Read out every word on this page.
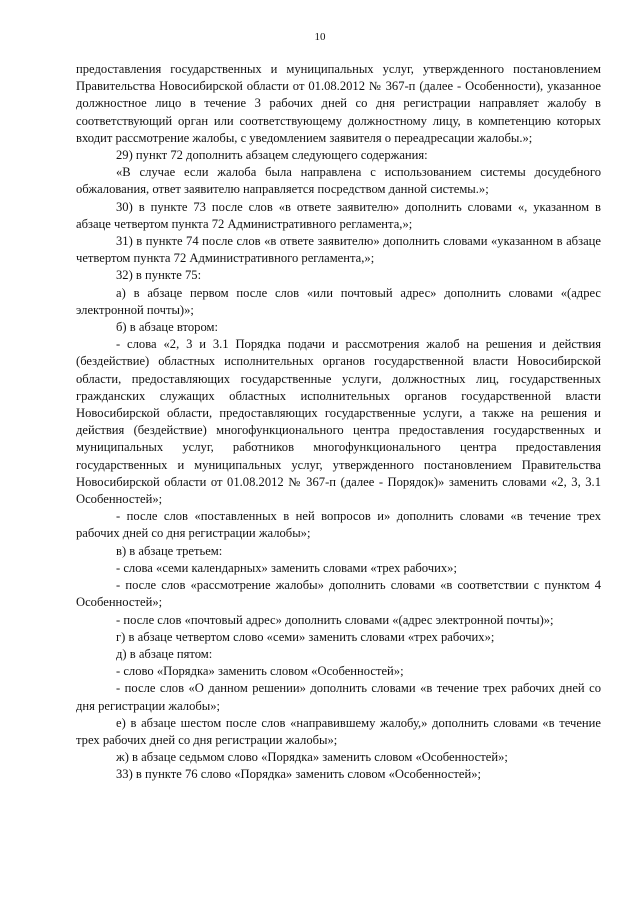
10

предоставления государственных и муниципальных услуг, утвержденного постановлением Правительства Новосибирской области от 01.08.2012 № 367-п (далее - Особенности), указанное должностное лицо в течение 3 рабочих дней со дня регистрации направляет жалобу в соответствующий орган или соответствующему должностному лицу, в компетенцию которых входит рассмотрение жалобы, с уведомлением заявителя о переадресации жалобы.»;

29) пункт 72 дополнить абзацем следующего содержания:

«В случае если жалоба была направлена с использованием системы досудебного обжалования, ответ заявителю направляется посредством данной системы.»;

30) в пункте 73 после слов «в ответе заявителю» дополнить словами «, указанном в абзаце четвертом пункта 72 Административного регламента,»;

31) в пункте 74 после слов «в ответе заявителю» дополнить словами «указанном в абзаце четвертом пункта 72 Административного регламента,»;

32) в пункте 75:

а) в абзаце первом после слов «или почтовый адрес» дополнить словами «(адрес электронной почты)»;

б) в абзаце втором:

- слова «2, 3 и 3.1 Порядка подачи и рассмотрения жалоб на решения и действия (бездействие) областных исполнительных органов государственной власти Новосибирской области, предоставляющих государственные услуги, должностных лиц, государственных гражданских служащих областных исполнительных органов государственной власти Новосибирской области, предоставляющих государственные услуги, а также на решения и действия (бездействие) многофункционального центра предоставления государственных и муниципальных услуг, работников многофункционального центра предоставления государственных и муниципальных услуг, утвержденного постановлением Правительства Новосибирской области от 01.08.2012 № 367-п (далее - Порядок)» заменить словами «2, 3, 3.1 Особенностей»;

- после слов «поставленных в ней вопросов и» дополнить словами «в течение трех рабочих дней со дня регистрации жалобы»;

в) в абзаце третьем:

- слова «семи календарных» заменить словами «трех рабочих»;

- после слов «рассмотрение жалобы» дополнить словами «в соответствии с пунктом 4 Особенностей»;

- после слов «почтовый адрес» дополнить словами «(адрес электронной почты)»;

г) в абзаце четвертом слово «семи» заменить словами «трех рабочих»;

д) в абзаце пятом:

- слово «Порядка» заменить словом «Особенностей»;

- после слов «О данном решении» дополнить словами «в течение трех рабочих дней со дня регистрации жалобы»;

е) в абзаце шестом после слов «направившему жалобу,» дополнить словами «в течение трех рабочих дней со дня регистрации жалобы»;

ж) в абзаце седьмом слово «Порядка» заменить словом «Особенностей»;

33) в пункте 76 слово «Порядка» заменить словом «Особенностей»;
